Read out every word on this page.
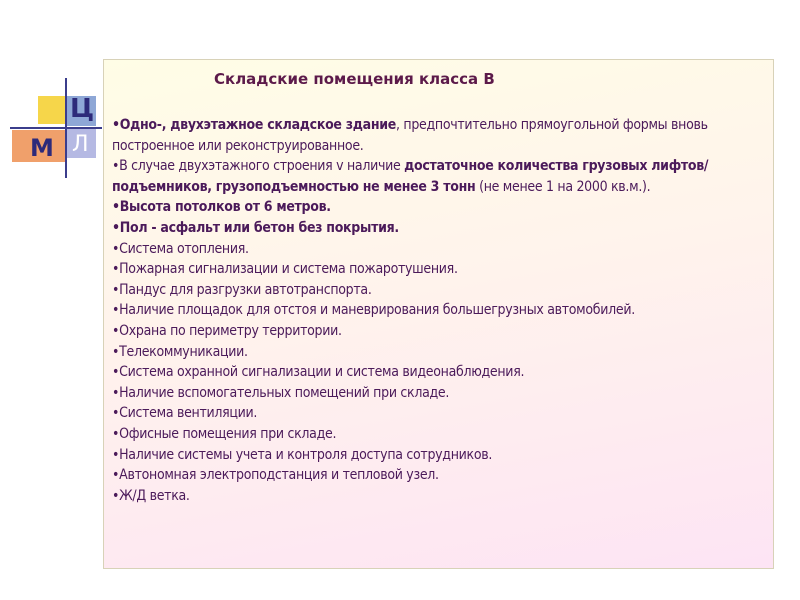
Ц
М Л
Складские помещения класса В
•Одно-, двухэтажное складское здание, предпочтительно прямоугольной формы вновь построенное или реконструированное.
•В случае двухэтажного строения v наличие достаточное количества грузовых лифтов/подъемников, грузоподъемностью не менее 3 тонн (не менее 1 на 2000 кв.м.).
•Высота потолков от 6 метров.
•Пол - асфальт или бетон без покрытия.
•Система отопления.
•Пожарная сигнализации и система пожаротушения.
•Пандус для разгрузки автотранспорта.
•Наличие площадок для отстоя и маневрирования большегрузных автомобилей.
•Охрана по периметру территории.
•Телекоммуникации.
•Система охранной сигнализации и система видеонаблюдения.
•Наличие вспомогательных помещений при складе.
•Система вентиляции.
•Офисные помещения при складе.
•Наличие системы учета и контроля доступа сотрудников.
•Автономная электроподстанция и тепловой узел.
•Ж/Д ветка.
